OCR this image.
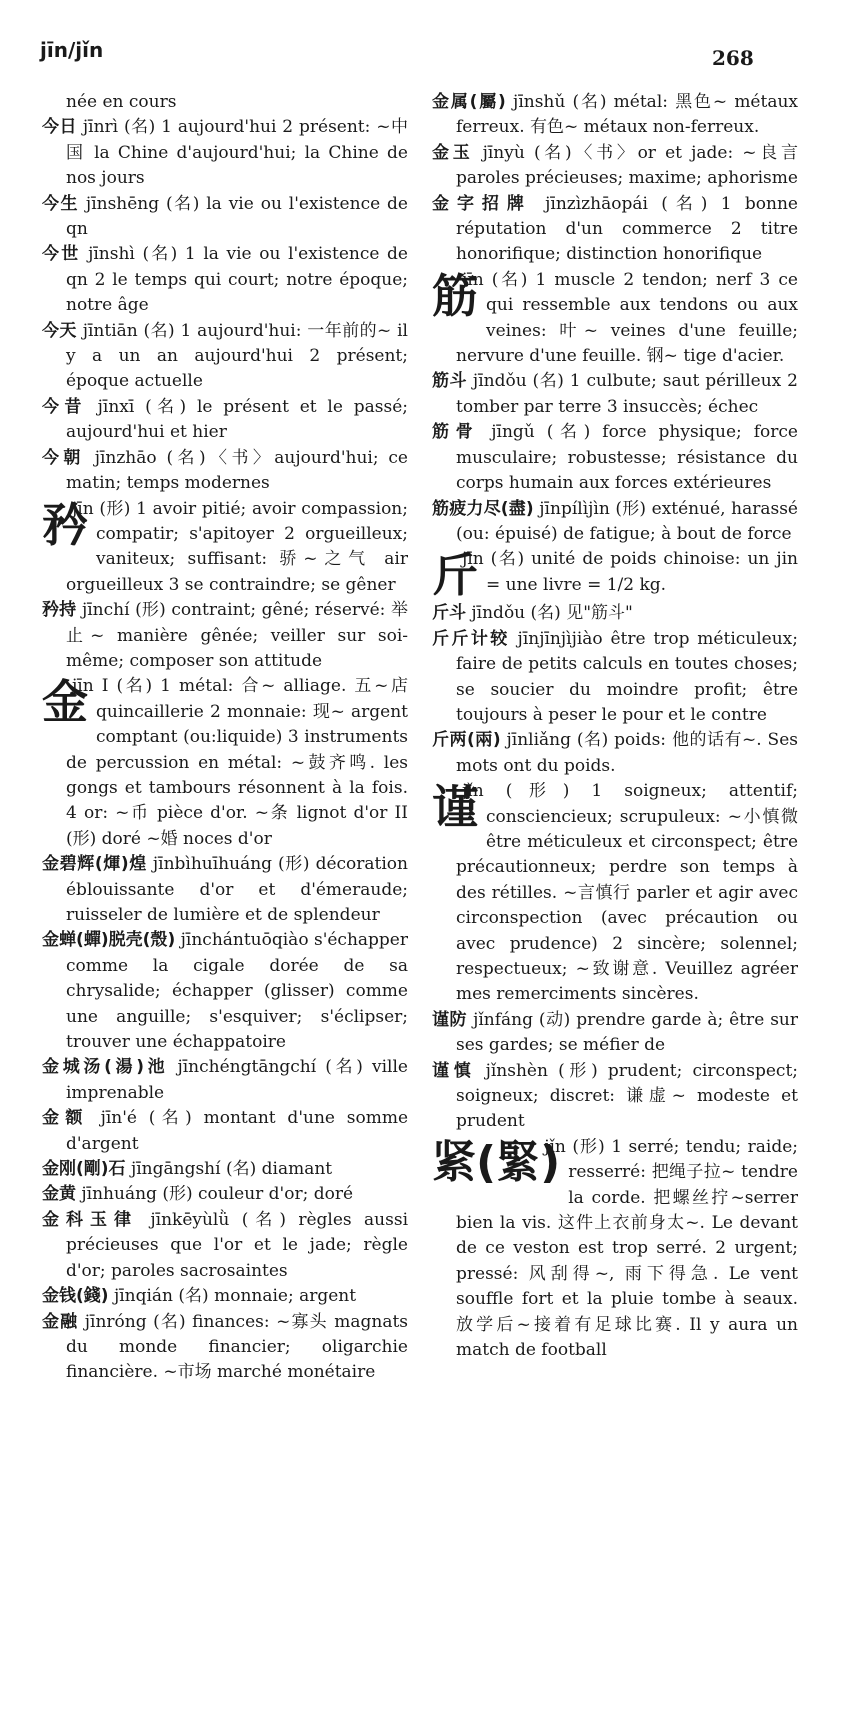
jīn/jǐn	268
née en cours
今日 jīnrì (名) 1 aujourd'hui 2 présent: ~中国 la Chine d'aujourd'hui; la Chine de nos jours
今生 jīnshēng (名) la vie ou l'existence de qn
今世 jīnshì (名) 1 la vie ou l'existence de qn 2 le temps qui court; notre époque; notre âge
今天 jīntiān (名) 1 aujourd'hui: 一年前的~ il y a un an aujourd'hui 2 présent; époque actuelle
今昔 jīnxī (名) le présent et le passé; aujourd'hui et hier
今朝 jīnzhāo (名)〈书〉aujourd'hui; ce matin; temps modernes
矜
jīn (形) 1 avoir pitié; avoir compassion; compatir; s'apitoyer 2 orgueilleux; vaniteux; suffisant: 骄~之气 air orgueilleux 3 se contraindre; se gêner
矜持 jīnchí (形) contraint; gêné; réservé: 举止~ manière gênée; veiller sur soi-même; composer son attitude
金
jīn I (名) 1 métal: 合~ alliage. 五~店 quincaillerie 2 monnaie: 现~ argent comptant (ou:liquide) 3 instruments de percussion en métal: ~鼓齐鸣. les gongs et tambours résonnent à la fois. 4 or: ~币 pièce d'or. ~条 lignot d'or II (形) doré ~婚 noces d'or
金碧辉(煇)煌 jīnbìhuīhuáng (形) décoration éblouissante d'or et d'émeraude; ruisseler de lumière et de splendeur
金蝉(蟬)脱壳(殼) jīnchántuōqiào s'échapper comme la cigale dorée de sa chrysalide; échapper (glisser) comme une anguille; s'esquiver; s'éclipser; trouver une échappatoire
金城汤(湯)池 jīnchéngtāngchí (名) ville imprenable
金额 jīn'é (名) montant d'une somme d'argent
金刚(剛)石 jīngāngshí (名) diamant
金黄 jīnhuáng (形) couleur d'or; doré
金科玉律 jīnkēyùlǜ (名) règles aussi précieuses que l'or et le jade; règle d'or; paroles sacrosaintes
金钱(錢) jīnqián (名) monnaie; argent
金融 jīnróng (名) finances: ~寡头 magnats du monde financier; oligarchie financière. ~市场 marché monétaire
金属(屬) jīnshǔ (名) métal: 黑色~ métaux ferreux. 有色~ métaux non-ferreux.
金玉 jīnyù (名)〈书〉or et jade: ~良言 paroles précieuses; maxime; aphorisme
金字招牌 jīnzìzhāopái (名) 1 bonne réputation d'un commerce 2 titre honorifique; distinction honorifique
筋
jīn (名) 1 muscle 2 tendon; nerf 3 ce qui ressemble aux tendons ou aux veines: 叶~ veines d'une feuille; nervure d'une feuille. 钢~ tige d'acier.
筋斗 jīndǒu (名) 1 culbute; saut périlleux 2 tomber par terre 3 insuccès; échec
筋骨 jīngǔ (名) force physique; force musculaire; robustesse; résistance du corps humain aux forces extérieures
筋疲力尽(盡) jīnpílìjìn (形) exténué, harassé (ou: épuisé) de fatigue; à bout de force
斤
jīn (名) unité de poids chinoise: un jin = une livre = 1/2 kg.
斤斗 jīndǒu (名) 见"筋斗"
斤斤计较 jīnjīnjìjiào être trop méticuleux; faire de petits calculs en toutes choses; se soucier du moindre profit; être toujours à peser le pour et le contre
斤两(兩) jīnliǎng (名) poids: 他的话有~. Ses mots ont du poids.
谨
jǐn (形) 1 soigneux; attentif; consciencieux; scrupuleux: ~小慎微 être méticuleux et circonspect; être précautionneux; perdre son temps à des rétilles. ~言慎行 parler et agir avec circonspection (avec précaution ou avec prudence) 2 sincère; solennel; respectueux; ~致谢意. Veuillez agréer mes remerciments sincères.
谨防 jǐnfáng (动) prendre garde à; être sur ses gardes; se méfier de
谨慎 jǐnshèn (形) prudent; circonspect; soigneux; discret: 谦虚~ modeste et prudent
紧(緊)
jǐn (形) 1 serré; tendu; raide; resserré: 把绳子拉~ tendre la corde. 把螺丝拧~serrer bien la vis. 这件上衣前身太~. Le devant de ce veston est trop serré. 2 urgent; pressé: 风刮得~, 雨下得急. Le vent souffle fort et la pluie tombe à seaux. 放学后~接着有足球比赛. Il y aura un match de football
